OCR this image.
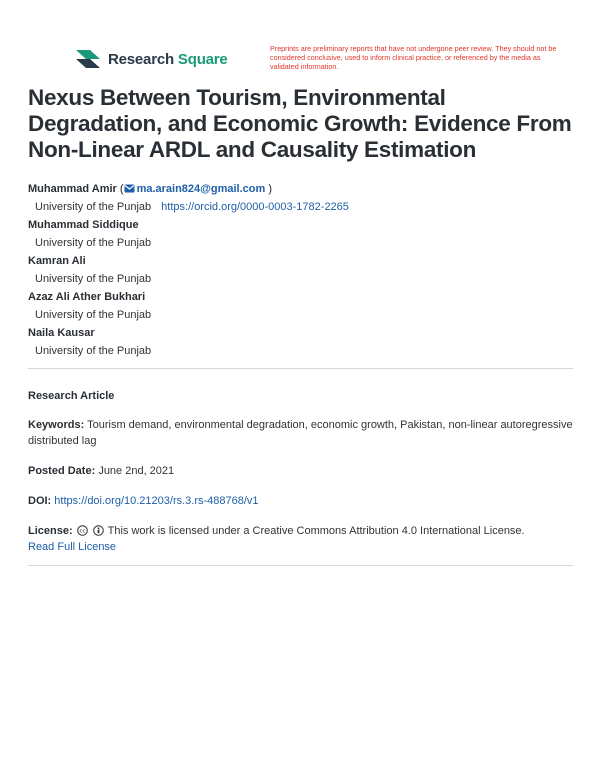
Research Square
Preprints are preliminary reports that have not undergone peer review. They should not be considered conclusive, used to inform clinical practice, or referenced by the media as validated information.
Nexus Between Tourism, Environmental Degradation, and Economic Growth: Evidence From Non-Linear ARDL and Causality Estimation
Muhammad Amir ( ma.arain824@gmail.com )
University of the Punjab https://orcid.org/0000-0003-1782-2265
Muhammad Siddique
University of the Punjab
Kamran Ali
University of the Punjab
Azaz Ali Ather Bukhari
University of the Punjab
Naila Kausar
University of the Punjab
Research Article
Keywords: Tourism demand, environmental degradation, economic growth, Pakistan, non-linear autoregressive distributed lag
Posted Date: June 2nd, 2021
DOI: https://doi.org/10.21203/rs.3.rs-488768/v1
License: cc This work is licensed under a Creative Commons Attribution 4.0 International License.
Read Full License
